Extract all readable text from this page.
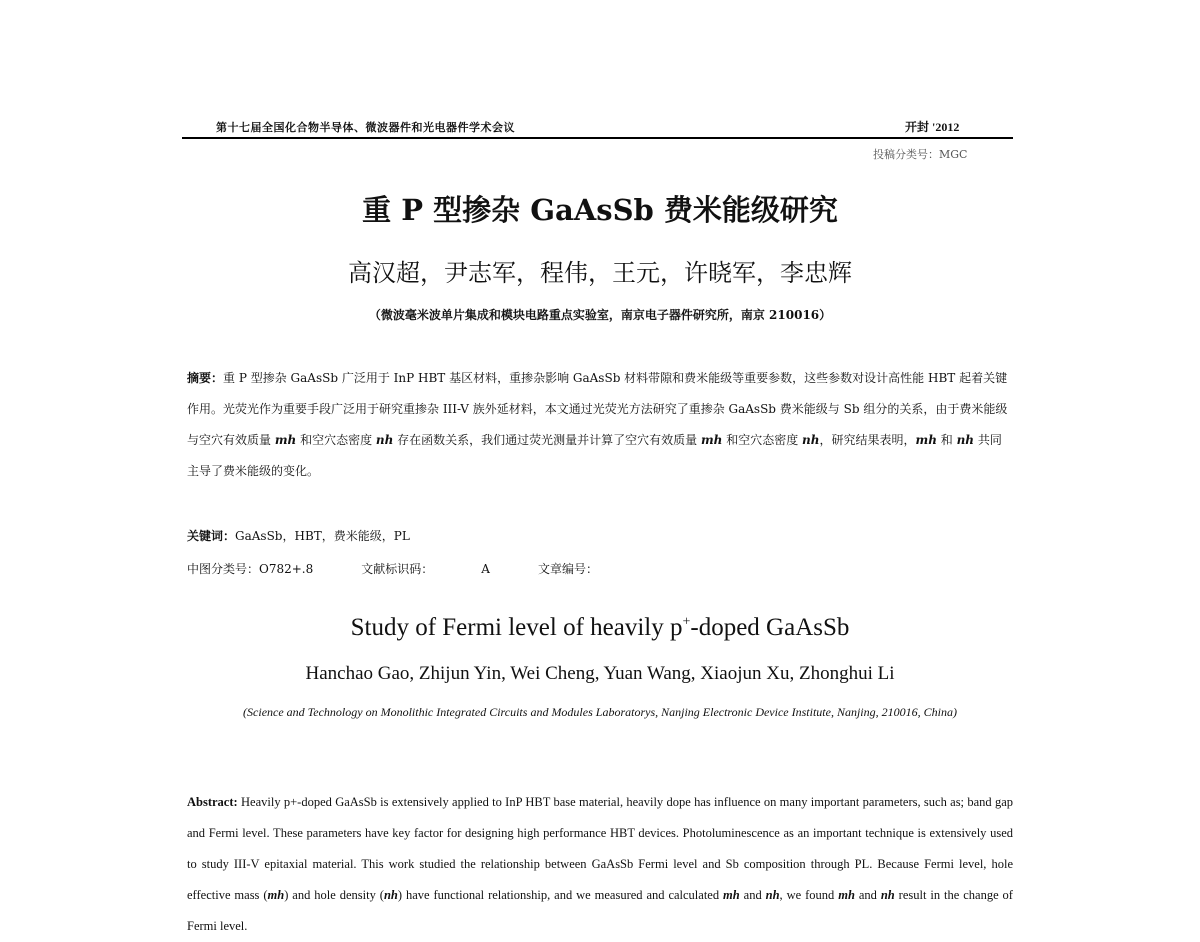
第十七届全国化合物半导体、微波器件和光电器件学术会议	开封 '2012
投稿分类号：MGC
重 P 型掺杂 GaAsSb 费米能级研究
高汉超，尹志军，程伟，王元，许晓军，李忠辉
（微波毫米波单片集成和模块电路重点实验室，南京电子器件研究所，南京 210016）
摘要：重 P 型掺杂 GaAsSb 广泛用于 InP HBT 基区材料，重掺杂影响 GaAsSb 材料带隙和费米能级等重要参数，这些参数对设计高性能 HBT 起着关键作用。光荧光作为重要手段广泛用于研究重掺杂 III-V 族外延材料，本文通过光荧光方法研究了重掺杂 GaAsSb 费米能级与 Sb 组分的关系，由于费米能级与空穴有效质量 mh 和空穴态密度 nh 存在函数关系，我们通过荧光测量并计算了空穴有效质量 mh 和空穴态密度 nh，研究结果表明，mh 和 nh 共同主导了费米能级的变化。
关键词：GaAsSb，HBT，费米能级，PL
中图分类号：O782+.8	文献标识码：	A	文章编号：
Study of Fermi level of heavily p+-doped GaAsSb
Hanchao Gao, Zhijun Yin, Wei Cheng, Yuan Wang, Xiaojun Xu, Zhonghui Li
(Science and Technology on Monolithic Integrated Circuits and Modules Laboratorys, Nanjing Electronic Device Institute, Nanjing, 210016, China)
Abstract: Heavily p+-doped GaAsSb is extensively applied to InP HBT base material, heavily dope has influence on many important parameters, such as; band gap and Fermi level. These parameters have key factor for designing high performance HBT devices. Photoluminescence as an important technique is extensively used to study III-V epitaxial material. This work studied the relationship between GaAsSb Fermi level and Sb composition through PL. Because Fermi level, hole effective mass (mh) and hole density (nh) have functional relationship, and we measured and calculated mh and nh, we found mh and nh result in the change of Fermi level.
